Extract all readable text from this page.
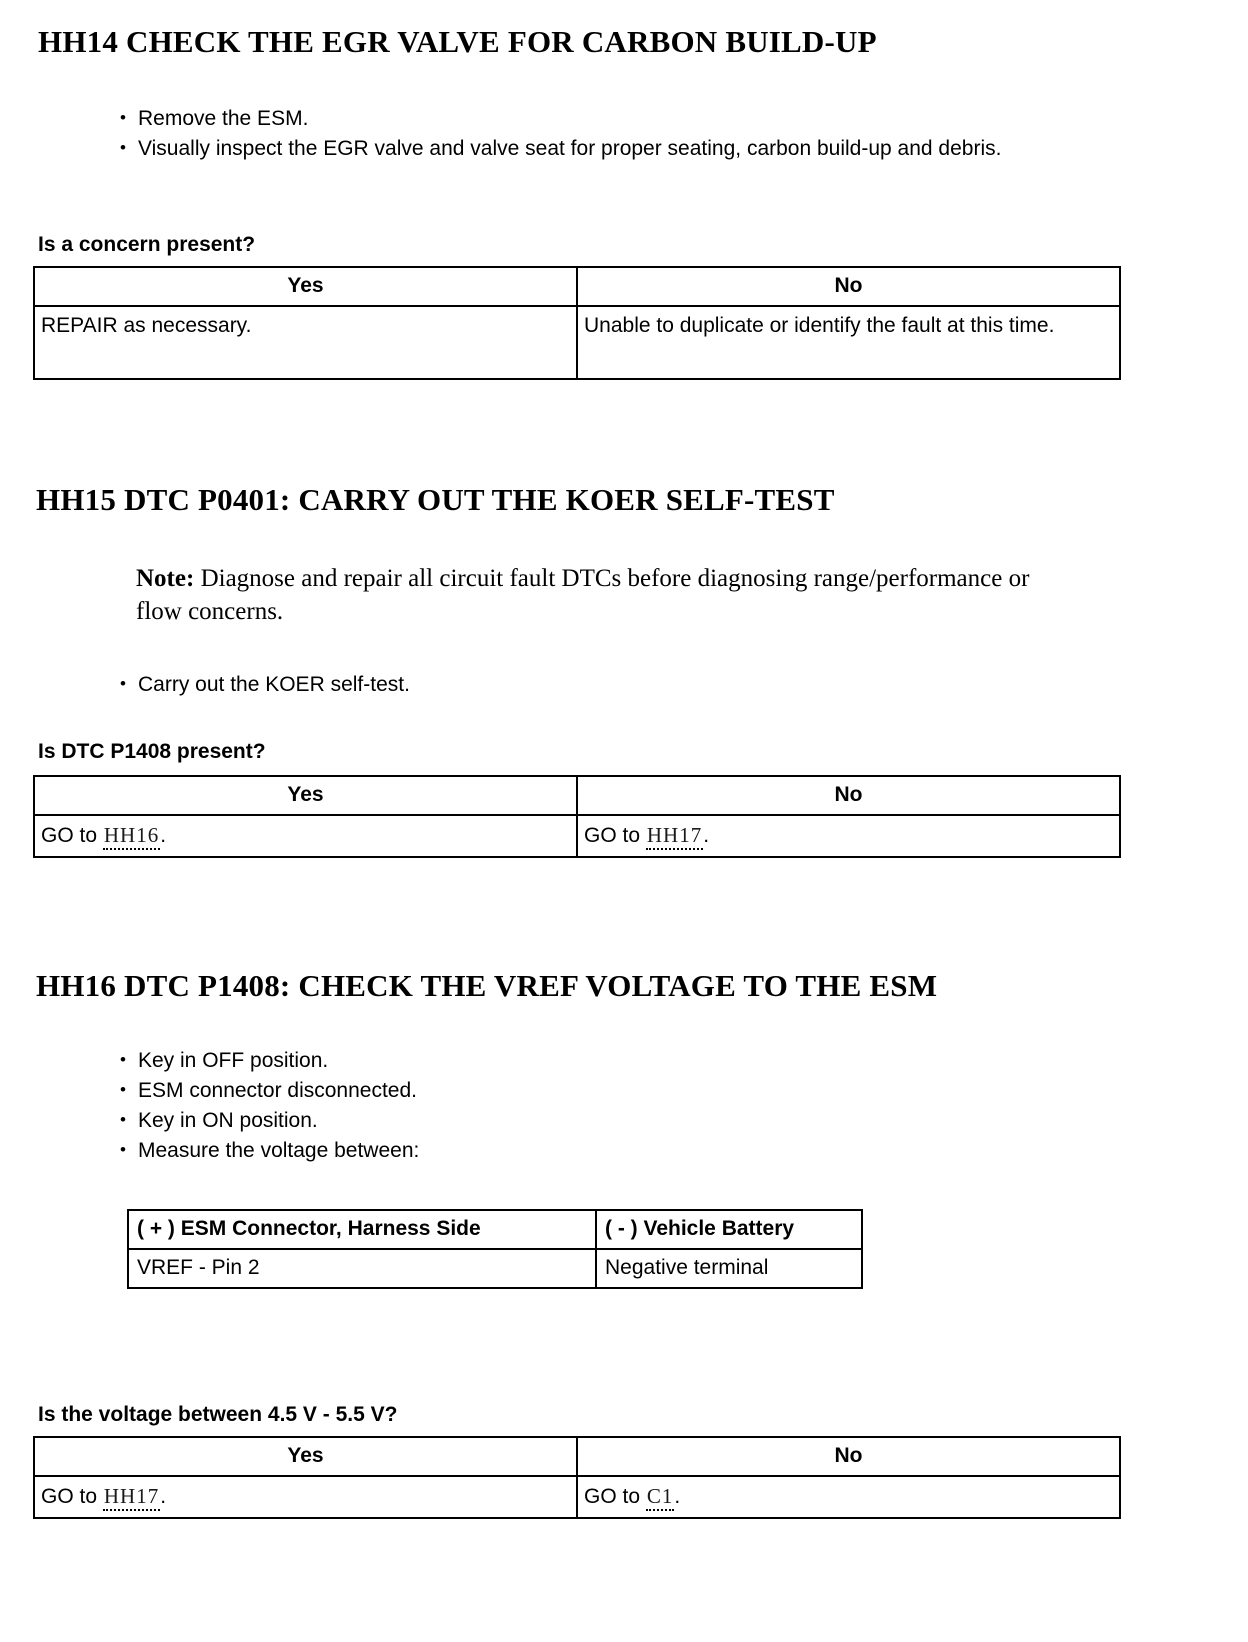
HH14 CHECK THE EGR VALVE FOR CARBON BUILD-UP
• Remove the ESM.
• Visually inspect the EGR valve and valve seat for proper seating, carbon build-up and debris.
Is a concern present?
Yes	No
REPAIR as necessary.	Unable to duplicate or identify the fault at this time.
HH15 DTC P0401: CARRY OUT THE KOER SELF-TEST
Note: Diagnose and repair all circuit fault DTCs before diagnosing range/performance or flow concerns.
• Carry out the KOER self-test.
Is DTC P1408 present?
Yes	No
GO to HH16.	GO to HH17.
HH16 DTC P1408: CHECK THE VREF VOLTAGE TO THE ESM
• Key in OFF position.
• ESM connector disconnected.
• Key in ON position.
• Measure the voltage between:
( + ) ESM Connector, Harness Side	( - ) Vehicle Battery
VREF - Pin 2	Negative terminal
Is the voltage between 4.5 V - 5.5 V?
Yes	No
GO to HH17.	GO to C1.
